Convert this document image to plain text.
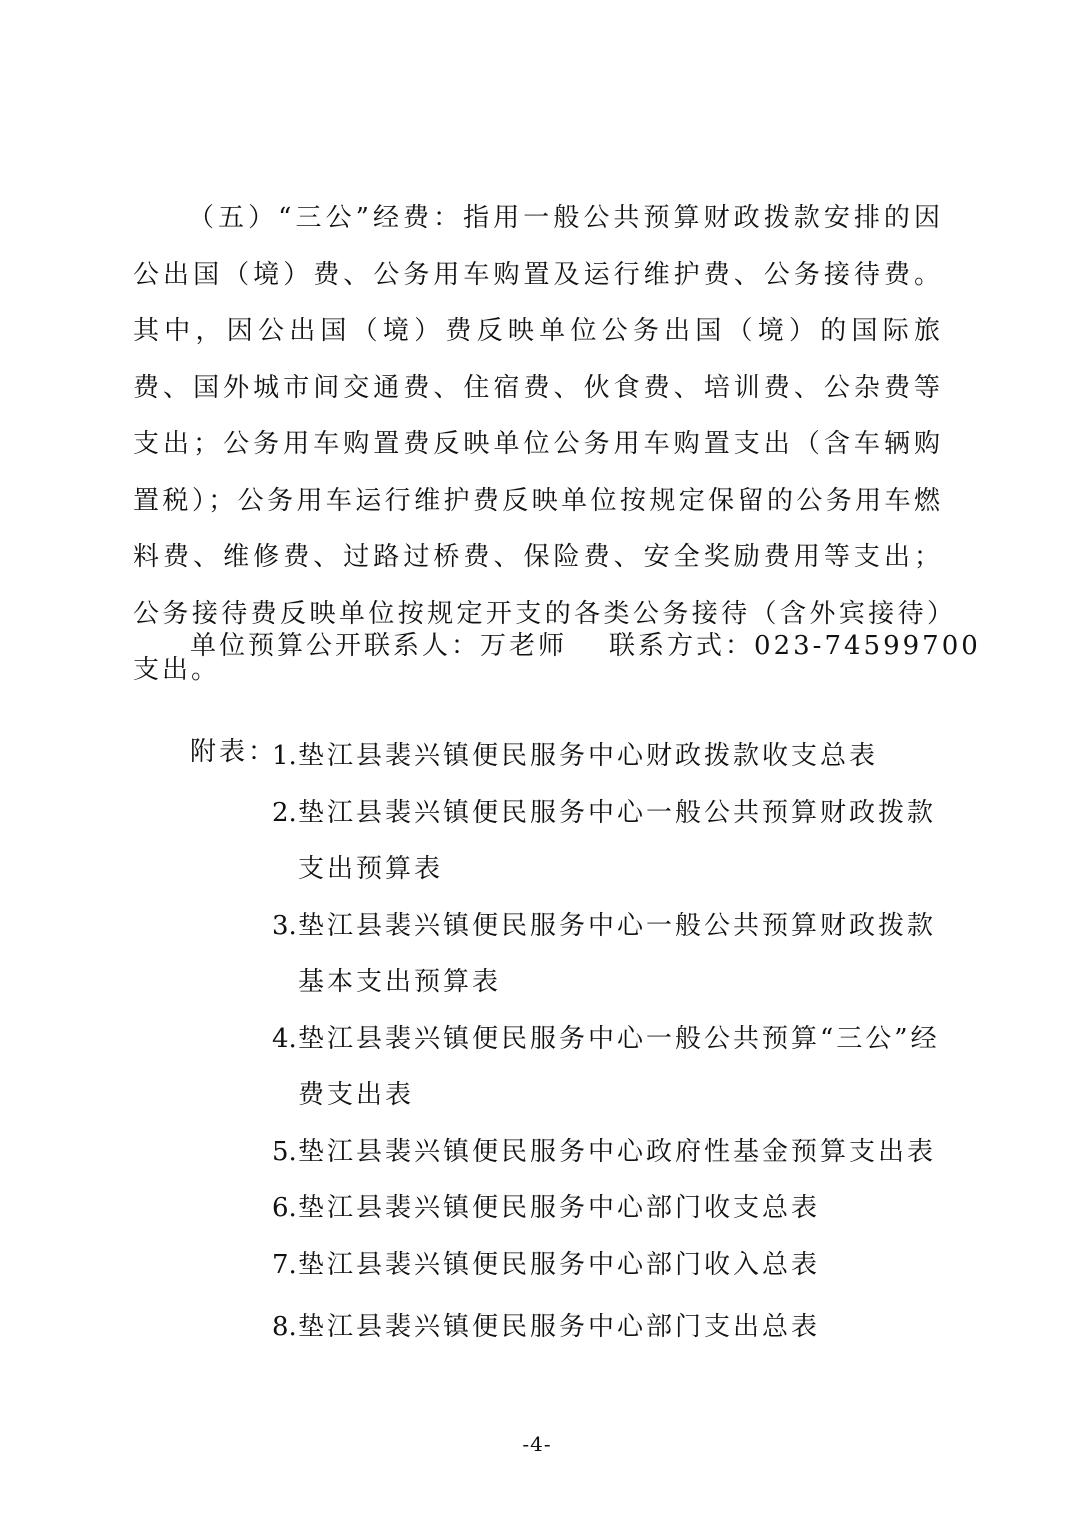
（五）“三公”经费：指用一般公共预算财政拨款安排的因公出国（境）费、公务用车购置及运行维护费、公务接待费。其中，因公出国（境）费反映单位公务出国（境）的国际旅费、国外城市间交通费、住宿费、伙食费、培训费、公杂费等支出；公务用车购置费反映单位公务用车购置支出（含车辆购置税）；公务用车运行维护费反映单位按规定保留的公务用车燃料费、维修费、过路过桥费、保险费、安全奖励费用等支出；公务接待费反映单位按规定开支的各类公务接待（含外宾接待）支出。

单位预算公开联系人：万老师 联系方式：023-74599700
附表：
1. 垫江县裴兴镇便民服务中心财政拨款收支总表
2. 垫江县裴兴镇便民服务中心一般公共预算财政拨款支出预算表
3. 垫江县裴兴镇便民服务中心一般公共预算财政拨款基本支出预算表
4. 垫江县裴兴镇便民服务中心一般公共预算“三公”经费支出表
5. 垫江县裴兴镇便民服务中心政府性基金预算支出表
6. 垫江县裴兴镇便民服务中心部门收支总表
7. 垫江县裴兴镇便民服务中心部门收入总表
8. 垫江县裴兴镇便民服务中心部门支出总表
-4-
